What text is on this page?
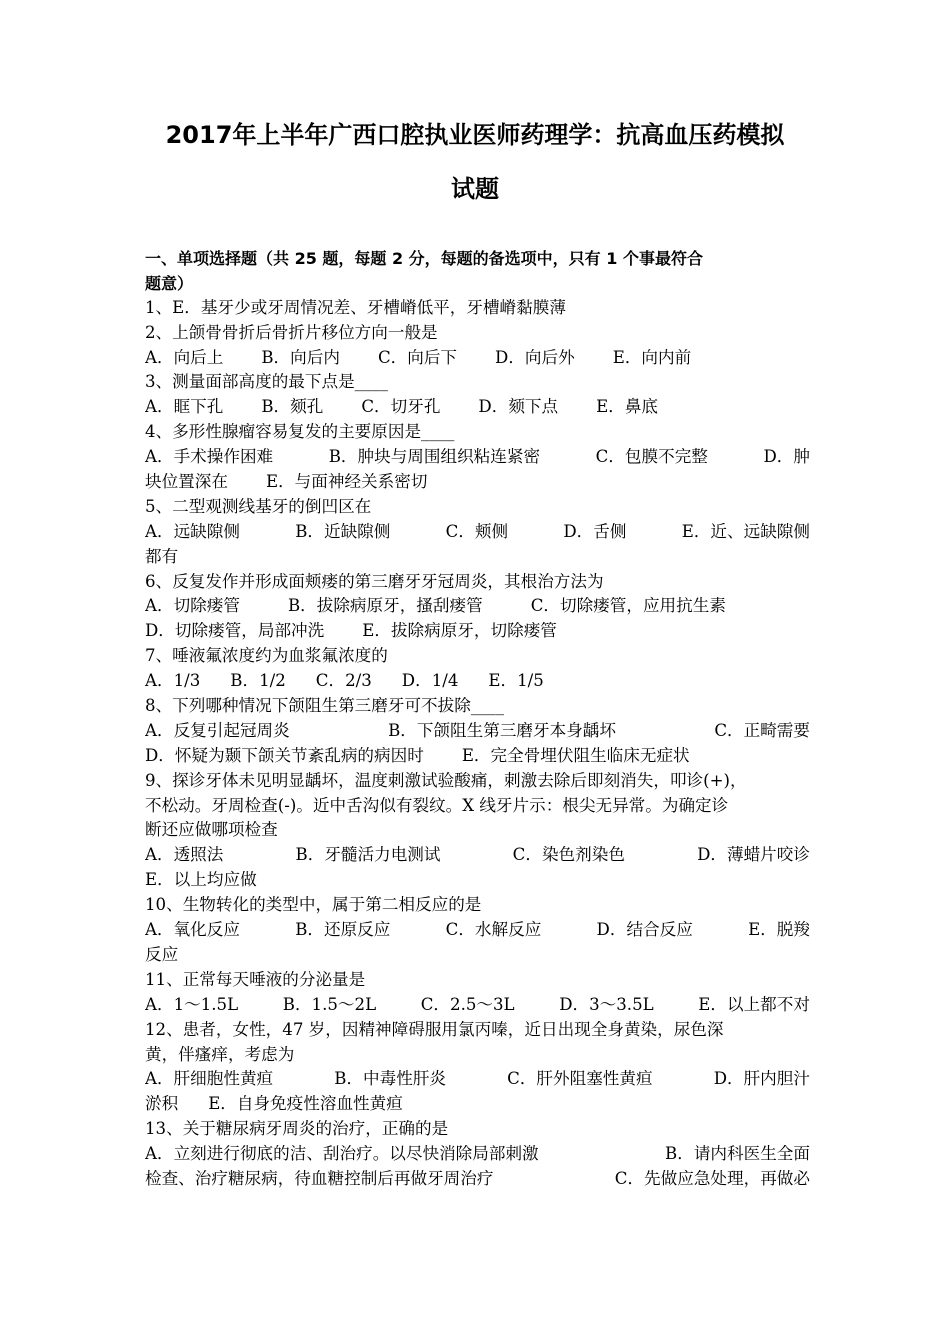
2017年上半年广西口腔执业医师药理学：抗高血压药模拟
试题
一、单项选择题（共 25 题，每题 2 分，每题的备选项中，只有 1 个事最符合
题意）
1、E．基牙少或牙周情况差、牙槽嵴低平，牙槽嵴黏膜薄
2、上颌骨骨折后骨折片移位方向一般是
A．向后上 B．向后内 C．向后下 D．向后外 E．向内前
3、测量面部高度的最下点是____
A．眶下孔 B．颏孔 C．切牙孔 D．颏下点 E．鼻底
4、多形性腺瘤容易复发的主要原因是____
A．手术操作困难	B．肿块与周围组织粘连紧密	C．包膜不完整	D．肿
块位置深在 E．与面神经关系密切
5、二型观测线基牙的倒凹区在
A．远缺隙侧	B．近缺隙侧	C．颊侧	D．舌侧	E．近、远缺隙侧
都有
6、反复发作并形成面颊瘘的第三磨牙牙冠周炎，其根治方法为
A．切除瘘管	B．拔除病原牙，搔刮瘘管	C．切除瘘管，应用抗生素
D．切除瘘管，局部冲洗 E．拔除病原牙，切除瘘管
7、唾液氟浓度约为血浆氟浓度的
A．1/3 B．1/2 C．2/3 D．1/4 E．1/5
8、下列哪种情况下颌阻生第三磨牙可不拔除____
A．反复引起冠周炎	B．下颌阻生第三磨牙本身龋坏	C．正畸需要
D．怀疑为颞下颌关节紊乱病的病因时 E．完全骨埋伏阻生临床无症状
9、探诊牙体未见明显龋坏，温度刺激试验酸痛，刺激去除后即刻消失，叩诊(+)，
不松动。牙周检查(-)。近中舌沟似有裂纹。X 线牙片示：根尖无异常。为确定诊
断还应做哪项检查
A．透照法	B．牙髓活力电测试	C．染色剂染色	D．薄蜡片咬诊
E．以上均应做
10、生物转化的类型中，属于第二相反应的是
A．氧化反应	B．还原反应	C．水解反应	D．结合反应	E．脱羧
反应
11、正常每天唾液的分泌量是
A．1～1.5L	B．1.5～2L	C．2.5～3L	D．3～3.5L	E．以上都不对
12、患者，女性，47 岁，因精神障碍服用氯丙嗪，近日出现全身黄染，尿色深
黄，伴瘙痒，考虑为
A．肝细胞性黄疸	B．中毒性肝炎	C．肝外阻塞性黄疸	D．肝内胆汁
淤积 E．自身免疫性溶血性黄疸
13、关于糖尿病牙周炎的治疗，正确的是
A．立刻进行彻底的洁、刮治疗。以尽快消除局部刺激	B．请内科医生全面
检查、治疗糖尿病，待血糖控制后再做牙周治疗	C．先做应急处理，再做必
